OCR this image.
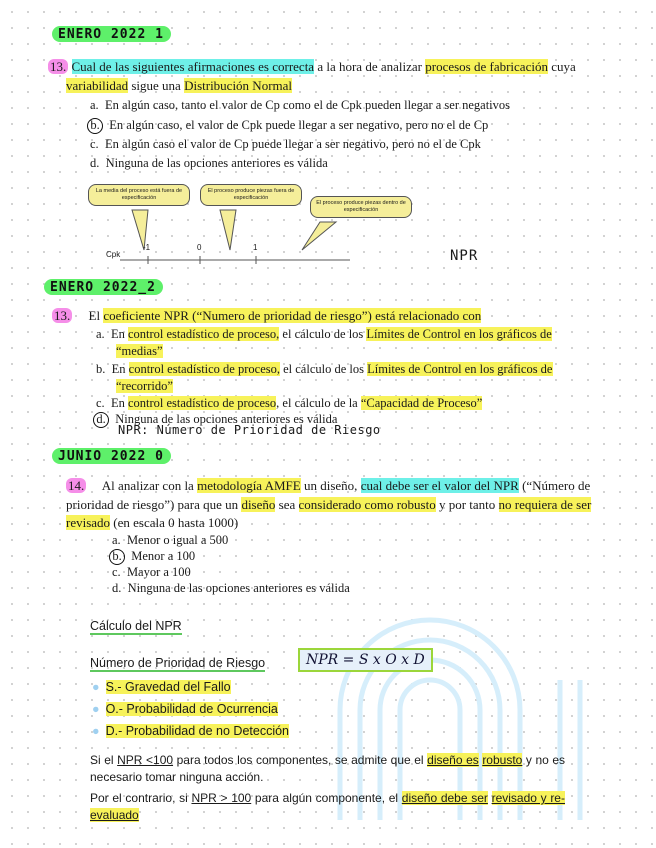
ENERO 2022 1
13. Cual de las siguientes afirmaciones es correcta a la hora de analizar procesos de fabricación cuya
variabilidad sigue una Distribución Normal
a. En algún caso, tanto el valor de Cp como el de Cpk pueden llegar a ser negativos
b. En algún caso, el valor de Cpk puede llegar a ser negativo, pero no el de Cp
c. En algún caso el valor de Cp puede llegar a ser negativo, pero no el de Cpk
d. Ninguna de las opciones anteriores es válida
La media del proceso está fuera de especificación
El proceso produce piezas fuera de especificación
El proceso produce piezas dentro de especificación
Cpk
-1	0	1
NPR
ENERO 2022_2
13. El coeficiente NPR (“Numero de prioridad de riesgo”) está relacionado con
a. En control estadístico de proceso, el cálculo de los Límites de Control en los gráficos de
“medias”
b. En control estadístico de proceso, el cálculo de los Límites de Control en los gráficos de
“recorrido”
c. En control estadístico de proceso, el cálculo de la “Capacidad de Proceso”
d. Ninguna de las opciones anteriores es válida
NPR: Número de Prioridad de Riesgo
JUNIO 2022 0
14. Al analizar con la metodología AMFE un diseño, cual debe ser el valor del NPR (“Número de
prioridad de riesgo”) para que un diseño sea considerado como robusto y por tanto no requiera de ser
revisado (en escala 0 hasta 1000)
a. Menor o igual a 500
b. Menor a 100
c. Mayor a 100
d. Ninguna de las opciones anteriores es válida
Cálculo del NPR
Número de Prioridad de Riesgo	NPR = S x O x D
● S.- Gravedad del Fallo
● O.- Probabilidad de Ocurrencia
● D.- Probabilidad de no Detección
Si el NPR <100 para todos los componentes, se admite que el diseño es robusto y no es necesario tomar ninguna acción.
Por el contrario, si NPR > 100 para algún componente, el diseño debe ser revisado y re-evaluado
